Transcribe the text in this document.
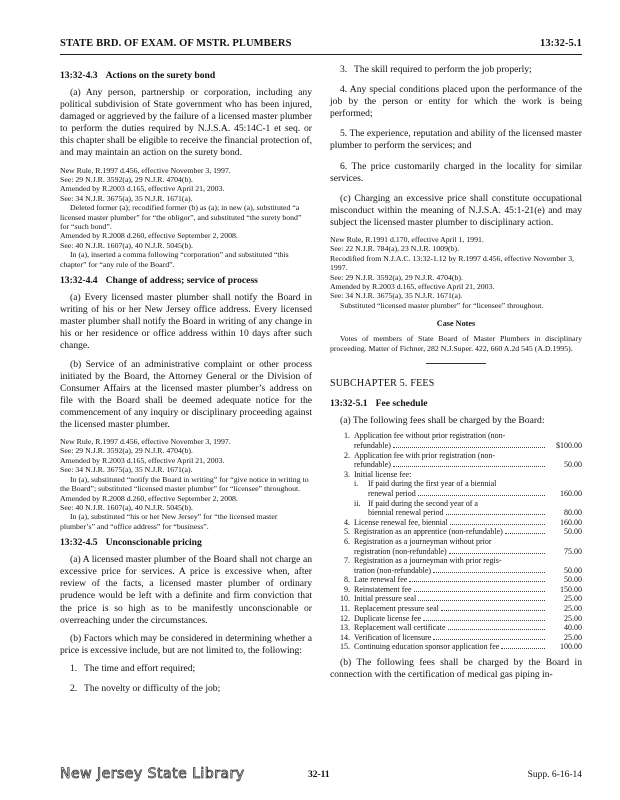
STATE BRD. OF EXAM. OF MSTR. PLUMBERS	13:32-5.1
13:32-4.3 Actions on the surety bond

(a) Any person, partnership or corporation, including any political subdivision of State government who has been injured, damaged or aggrieved by the failure of a licensed master plumber to perform the duties required by N.J.S.A. 45:14C-1 et seq. or this chapter shall be eligible to receive the financial protection of, and may maintain an action on the surety bond.

New Rule, R.1997 d.456, effective November 3, 1997.
See: 29 N.J.R. 3592(a), 29 N.J.R. 4704(b).
Amended by R.2003 d.165, effective April 21, 2003.
See: 34 N.J.R. 3675(a), 35 N.J.R. 1671(a).
Deleted former (a); recodified former (b) as (a); in new (a), substituted “a licensed master plumber” for “the obligor”, and substituted “the surety bond” for “such bond”.
Amended by R.2008 d.260, effective September 2, 2008.
See: 40 N.J.R. 1607(a), 40 N.J.R. 5045(b).
In (a), inserted a comma following “corporation” and substituted “this chapter” for “any rule of the Board”.
13:32-4.4 Change of address; service of process

(a) Every licensed master plumber shall notify the Board in writing of his or her New Jersey office address. Every licensed master plumber shall notify the Board in writing of any change in his or her residence or office address within 10 days after such change.

(b) Service of an administrative complaint or other process initiated by the Board, the Attorney General or the Division of Consumer Affairs at the licensed master plumber’s address on file with the Board shall be deemed adequate notice for the commencement of any inquiry or disciplinary proceeding against the licensed master plumber.

New Rule, R.1997 d.456, effective November 3, 1997.
See: 29 N.J.R. 3592(a), 29 N.J.R. 4704(b).
Amended by R.2003 d.165, effective April 21, 2003.
See: 34 N.J.R. 3675(a), 35 N.J.R. 1671(a).
In (a), substituted “notify the Board in writing” for “give notice in writing to the Board”; substituted “licensed master plumber” for “licensee” throughout.
Amended by R.2008 d.260, effective September 2, 2008.
See: 40 N.J.R. 1607(a), 40 N.J.R. 5045(b).
In (a), substituted “his or her New Jersey” for “the licensed master plumber’s” and “office address” for “business”.
13:32-4.5 Unconscionable pricing

(a) A licensed master plumber of the Board shall not charge an excessive price for services. A price is excessive when, after review of the facts, a licensed master plumber of ordinary prudence would be left with a definite and firm conviction that the price is so high as to be manifestly unconscionable or overreaching under the circumstances.

(b) Factors which may be considered in determining whether a price is excessive include, but are not limited to, the following:

1. The time and effort required;
2. The novelty or difficulty of the job;
3. The skill required to perform the job properly;
4. Any special conditions placed upon the performance of the job by the person or entity for which the work is being performed;
5. The experience, reputation and ability of the licensed master plumber to perform the services; and
6. The price customarily charged in the locality for similar services.

(c) Charging an excessive price shall constitute occupational misconduct within the meaning of N.J.S.A. 45:1-21(e) and may subject the licensed master plumber to disciplinary action.

New Rule, R.1991 d.170, effective April 1, 1991.
See: 22 N.J.R. 784(a), 23 N.J.R. 1009(b).
Recodified from N.J.A.C. 13:32-1.12 by R.1997 d.456, effective November 3, 1997.
See: 29 N.J.R. 3592(a), 29 N.J.R. 4704(b).
Amended by R.2003 d.165, effective April 21, 2003.
See: 34 N.J.R. 3675(a), 35 N.J.R. 1671(a).
Substituted “licensed master plumber” for “licensee” throughout.
Case Notes
Votes of members of State Board of Master Plumbers in disciplinary proceeding. Matter of Fichner, 282 N.J.Super. 422, 660 A.2d 545 (A.D.1995).
SUBCHAPTER 5. FEES
13:32-5.1 Fee schedule

(a) The following fees shall be charged by the Board:

1.	Application fee without prior registration (non-

refundable)	$100.00
2.	Application fee with prior registration (non-

refundable)	50.00
3.	Initial license fee:	

	i. If paid during the first year of a biennial

renewal period	160.00

	ii. If paid during the second year of a

biennial renewal period	80.00
4.	License renewal fee, biennial	160.00
5.	Registration as an apprentice (non-refundable)	50.00
6.	Registration as a journeyman without prior

registration (non-refundable)	75.00
7.	Registration as a journeyman with prior regis-

tration (non-refundable)	50.00
8.	Late renewal fee	50.00
9.	Reinstatement fee	150.00
10.	Initial pressure seal	25.00
11.	Replacement pressure seal	25.00
12.	Duplicate license fee	25.00
13.	Replacement wall certificate	40.00
14.	Verification of licensure	25.00
15.	Continuing education sponsor application fee	100.00

(b) The following fees shall be charged by the Board in connection with the certification of medical gas piping in-

New Jersey State Library	32-11	Supp. 6-16-14
